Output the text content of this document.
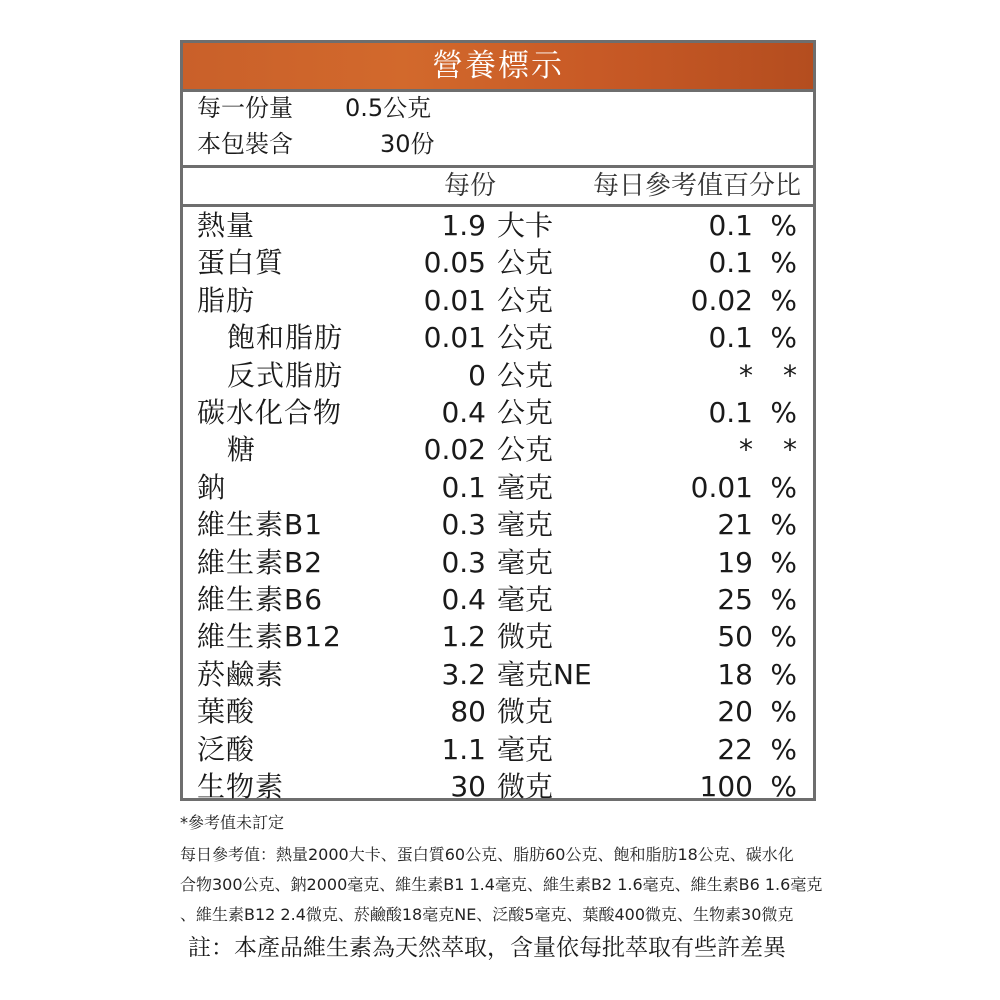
營養標示
每一份量 0.5公克
本包裝含	30份
每份	每日參考值百分比
熱量	1.9 大卡	0.1 %
蛋白質	0.05 公克	0.1 %
脂肪	0.01 公克	0.02 %
飽和脂肪	0.01 公克	0.1 %
反式脂肪	0 公克	* *
碳水化合物	0.4 公克	0.1 %
糖	0.02 公克	* *
鈉	0.1 毫克	0.01 %
維生素B1	0.3 毫克	21 %
維生素B2	0.3 毫克	19 %
維生素B6	0.4 毫克	25 %
維生素B12	1.2 微克	50 %
菸鹼素	3.2 毫克NE	18 %
葉酸	80 微克	20 %
泛酸	1.1 毫克	22 %
生物素	30 微克	100 %
*參考值未訂定
每日參考值：熱量2000大卡、蛋白質60公克、脂肪60公克、飽和脂肪18公克、碳水化
合物300公克、鈉2000毫克、維生素B1 1.4毫克、維生素B2 1.6毫克、維生素B6 1.6毫克
、維生素B12 2.4微克、菸鹼酸18毫克NE、泛酸5毫克、葉酸400微克、生物素30微克
註：本產品維生素為天然萃取，含量依每批萃取有些許差異
